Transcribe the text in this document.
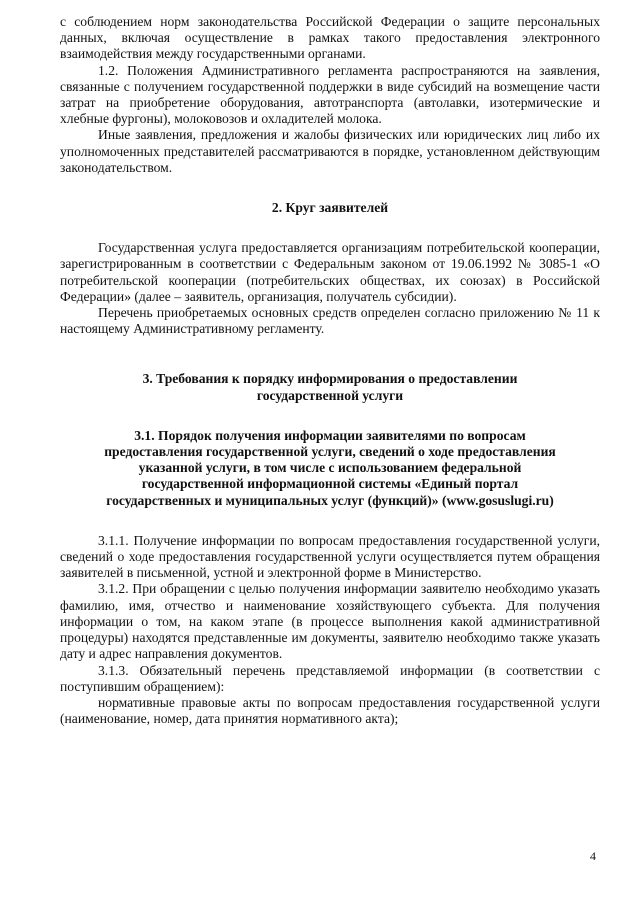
с соблюдением норм законодательства Российской Федерации о защите персональных данных, включая осуществление в рамках такого предоставления электронного взаимодействия между государственными органами.

1.2. Положения Административного регламента распространяются на заявления, связанные с получением государственной поддержки в виде субсидий на возмещение части затрат на приобретение оборудования, автотранспорта (автолавки, изотермические и хлебные фургоны), молоковозов и охладителей молока.

Иные заявления, предложения и жалобы физических или юридических лиц либо их уполномоченных представителей рассматриваются в порядке, установленном действующим законодательством.

2. Круг заявителей

Государственная услуга предоставляется организациям потребительской кооперации, зарегистрированным в соответствии с Федеральным законом от 19.06.1992 № 3085-1 «О потребительской кооперации (потребительских обществах, их союзах) в Российской Федерации» (далее – заявитель, организация, получатель субсидии).

Перечень приобретаемых основных средств определен согласно приложению № 11 к настоящему Административному регламенту.

3. Требования к порядку информирования о предоставлении

государственной услуги

3.1. Порядок получения информации заявителями по вопросам

предоставления государственной услуги, сведений о ходе предоставления

указанной услуги, в том числе с использованием федеральной

государственной информационной системы «Единый портал

государственных и муниципальных услуг (функций)» (www.gosuslugi.ru)

3.1.1. Получение информации по вопросам предоставления государственной услуги, сведений о ходе предоставления государственной услуги осуществляется путем обращения заявителей в письменной, устной и электронной форме в Министерство.

3.1.2. При обращении с целью получения информации заявителю необходимо указать фамилию, имя, отчество и наименование хозяйствующего субъекта. Для получения информации о том, на каком этапе (в процессе выполнения какой административной процедуры) находятся представленные им документы, заявителю необходимо также указать дату и адрес направления документов.

3.1.3. Обязательный перечень представляемой информации (в соответствии с поступившим обращением):

нормативные правовые акты по вопросам предоставления государственной услуги (наименование, номер, дата принятия нормативного акта);

4
